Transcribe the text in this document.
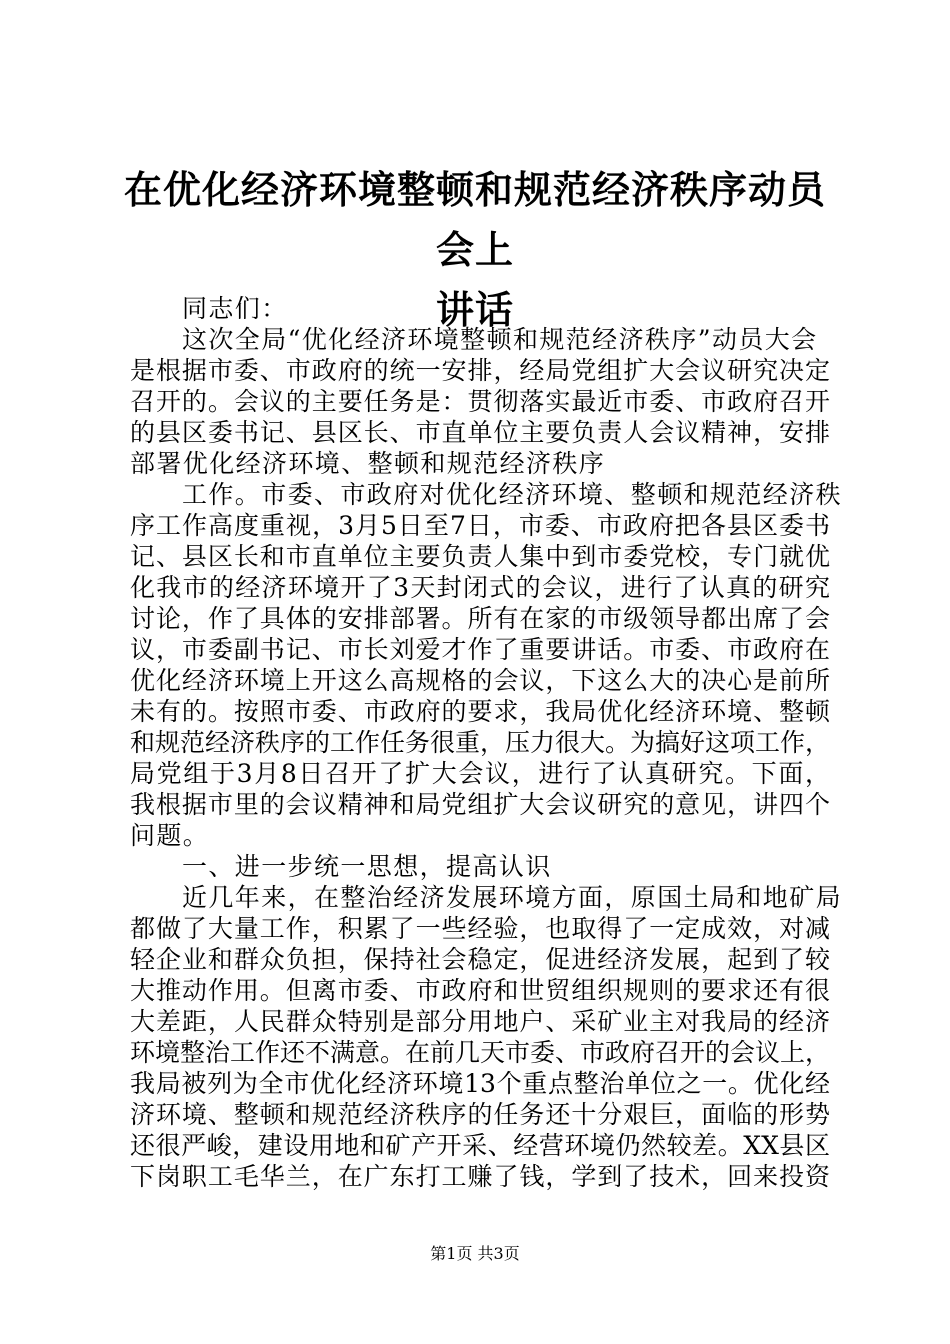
在优化经济环境整顿和规范经济秩序动员会上
讲话
同志们：
这次全局“优化经济环境整顿和规范经济秩序”动员大会
是根据市委、市政府的统一安排，经局党组扩大会议研究决定
召开的。会议的主要任务是：贯彻落实最近市委、市政府召开
的县区委书记、县区长、市直单位主要负责人会议精神，安排
部署优化经济环境、整顿和规范经济秩序
工作。市委、市政府对优化经济环境、整顿和规范经济秩
序工作高度重视，3月5日至7日，市委、市政府把各县区委书
记、县区长和市直单位主要负责人集中到市委党校，专门就优
化我市的经济环境开了3天封闭式的会议，进行了认真的研究
讨论，作了具体的安排部署。所有在家的市级领导都出席了会
议，市委副书记、市长刘爱才作了重要讲话。市委、市政府在
优化经济环境上开这么高规格的会议，下这么大的决心是前所
未有的。按照市委、市政府的要求，我局优化经济环境、整顿
和规范经济秩序的工作任务很重，压力很大。为搞好这项工作，
局党组于3月8日召开了扩大会议，进行了认真研究。下面，
我根据市里的会议精神和局党组扩大会议研究的意见，讲四个
问题。
一、进一步统一思想，提高认识
近几年来，在整治经济发展环境方面，原国土局和地矿局
都做了大量工作，积累了一些经验，也取得了一定成效，对减
轻企业和群众负担，保持社会稳定，促进经济发展，起到了较
大推动作用。但离市委、市政府和世贸组织规则的要求还有很
大差距，人民群众特别是部分用地户、采矿业主对我局的经济
环境整治工作还不满意。在前几天市委、市政府召开的会议上，
我局被列为全市优化经济环境13个重点整治单位之一。优化经
济环境、整顿和规范经济秩序的任务还十分艰巨，面临的形势
还很严峻，建设用地和矿产开采、经营环境仍然较差。XX县区
下岗职工毛华兰，在广东打工赚了钱，学到了技术，回来投资
第1页 共3页
